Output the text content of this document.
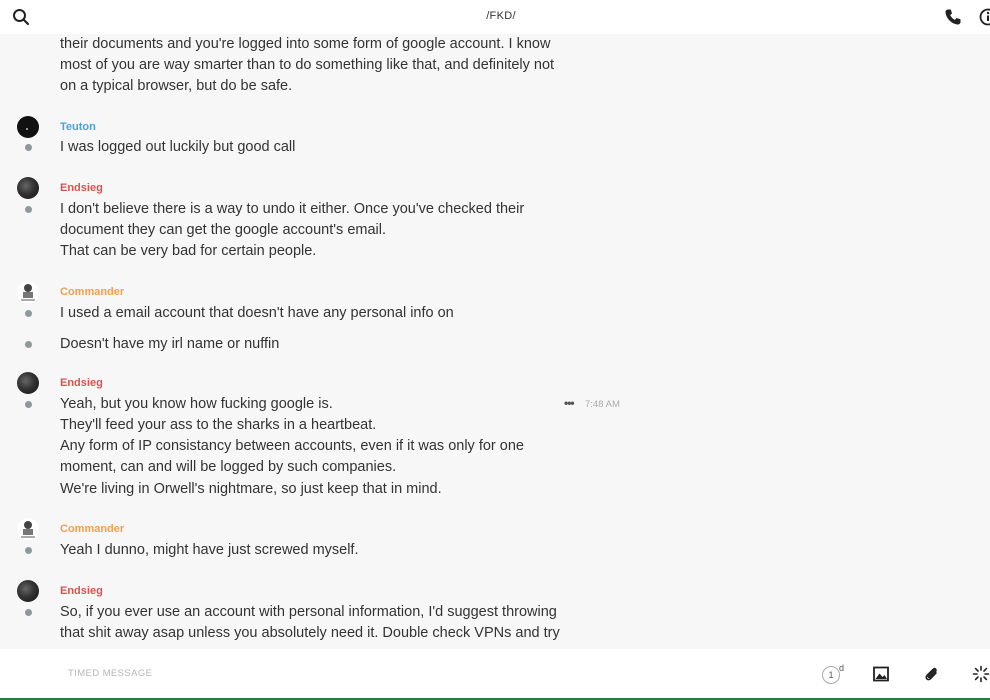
/FKD/
their documents and you're logged into some form of google account. I know
most of you are way smarter than to do something like that, and definitely not
on a typical browser, but do be safe.
Teuton
I was logged out luckily but good call
Endsieg
I don't believe there is a way to undo it either. Once you've checked their
document they can get the google account's email.
That can be very bad for certain people.
Commander
I used a email account that doesn't have any personal info on
Doesn't have my irl name or nuffin
Endsieg
Yeah, but you know how fucking google is.	••• 7:48 AM
They'll feed your ass to the sharks in a heartbeat.
Any form of IP consistancy between accounts, even if it was only for one
moment, can and will be logged by such companies.
We're living in Orwell's nightmare, so just keep that in mind.
Commander
Yeah I dunno, might have just screwed myself.
Endsieg
So, if you ever use an account with personal information, I'd suggest throwing
that shit away asap unless you absolutely need it. Double check VPNs and try
TIMED MESSAGE	1
d
